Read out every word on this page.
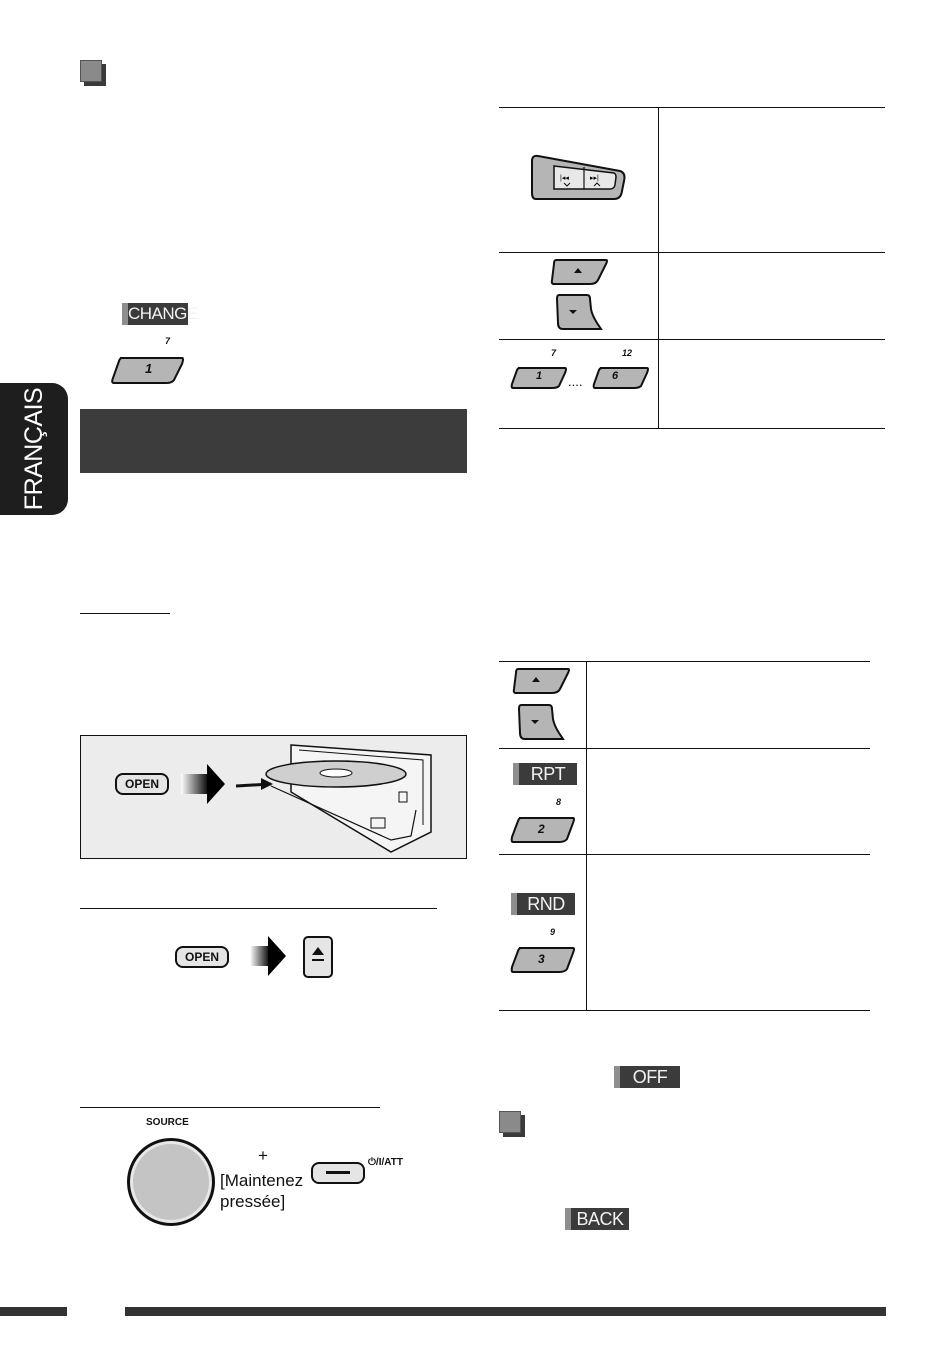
CHANGE
7
1
FRANÇAIS
OPEN
OPEN
SOURCE
+
[Maintenez
pressée]
⏻/I/ATT
|◂◂	▸▸|
7	12
1 ....	6
RPT
8
2
RND
9
3
OFF
BACK
